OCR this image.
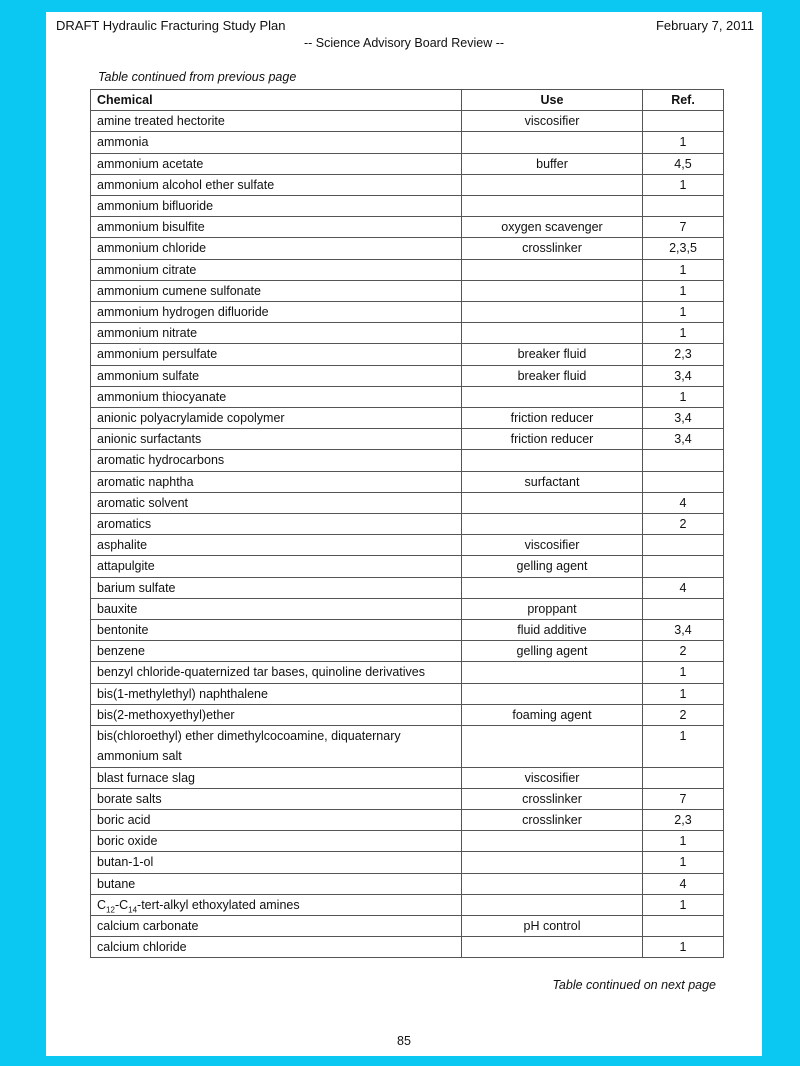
DRAFT Hydraulic Fracturing Study Plan	February 7, 2011
-- Science Advisory Board Review --
Table continued from previous page
Chemical	Use	Ref.
amine treated hectorite	viscosifier	
ammonia		1
ammonium acetate	buffer	4,5
ammonium alcohol ether sulfate		1
ammonium bifluoride		
ammonium bisulfite	oxygen scavenger	7
ammonium chloride	crosslinker	2,3,5
ammonium citrate		1
ammonium cumene sulfonate		1
ammonium hydrogen difluoride		1
ammonium nitrate		1
ammonium persulfate	breaker fluid	2,3
ammonium sulfate	breaker fluid	3,4
ammonium thiocyanate		1
anionic polyacrylamide copolymer	friction reducer	3,4
anionic surfactants	friction reducer	3,4
aromatic hydrocarbons		
aromatic naphtha	surfactant	
aromatic solvent		4
aromatics		2
asphalite	viscosifier	
attapulgite	gelling agent	
barium sulfate		4
bauxite	proppant	
bentonite	fluid additive	3,4
benzene	gelling agent	2
benzyl chloride-quaternized tar bases, quinoline derivatives		1
bis(1-methylethyl) naphthalene		1
bis(2-methoxyethyl)ether	foaming agent	2
bis(chloroethyl) ether dimethylcocoamine, diquaternary ammonium salt		1
blast furnace slag	viscosifier	
borate salts	crosslinker	7
boric acid	crosslinker	2,3
boric oxide		1
butan-1-ol		1
butane		4
$C_{12}-C_{14}-tert$-alkyl ethoxylated amines		1
calcium carbonate	pH control	
calcium chloride		1
Table continued on next page
85
